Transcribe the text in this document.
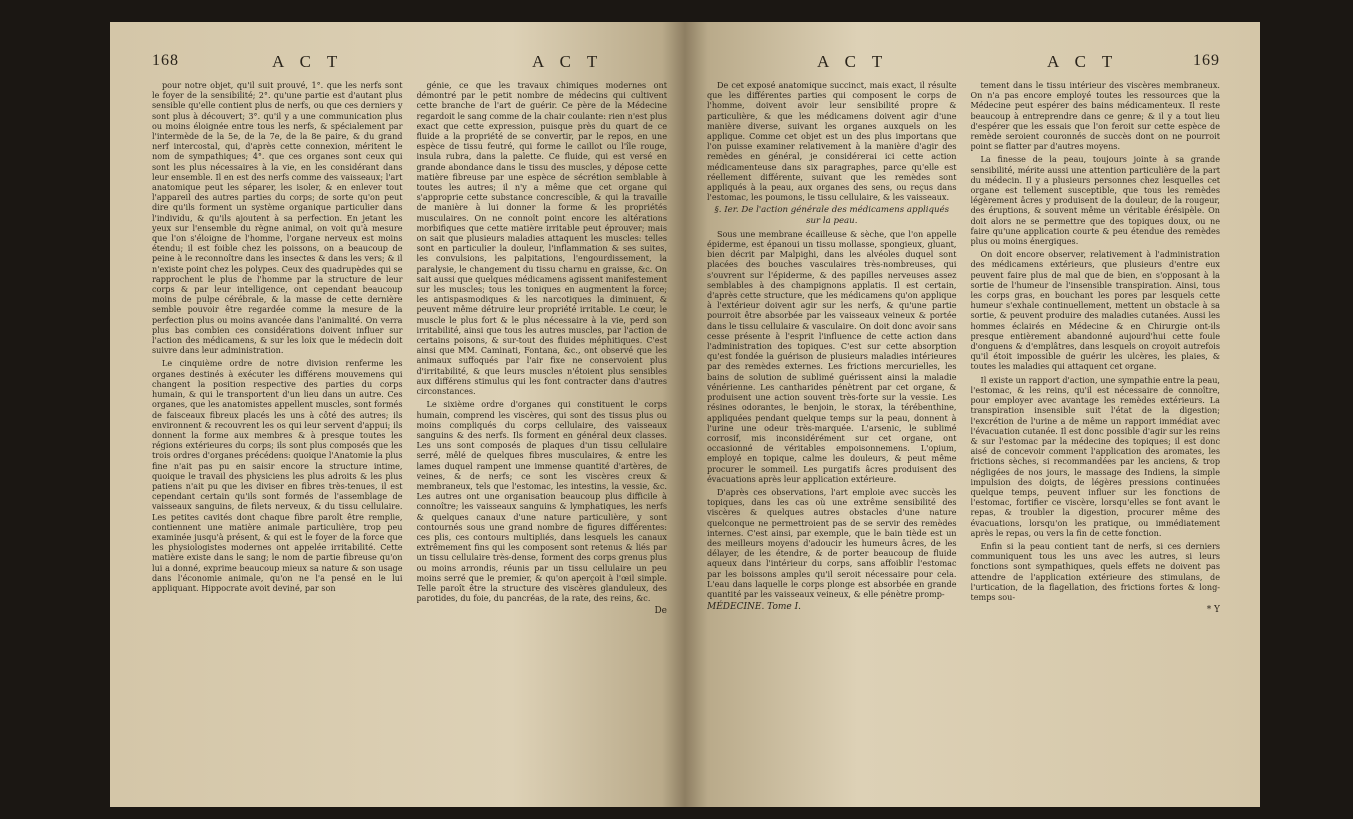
168	A C T	A C T

pour notre objet, qu'il suit prouvé, 1°. que les nerfs sont le foyer de la sensibilité; 2°. qu'une partie est d'autant plus sensible qu'elle contient plus de nerfs, ou que ces derniers y sont plus à découvert; 3°. qu'il y a une communication plus ou moins éloignée entre tous les nerfs, & spécialement par l'intermède de la 5e, de la 7e, de la 8e paire, & du grand nerf intercostal, qui, d'après cette connexion, méritent le nom de sympathiques; 4°. que ces organes sont ceux qui sont les plus nécessaires à la vie, en les considérant dans leur ensemble. Il en est des nerfs comme des vaisseaux; l'art anatomique peut les séparer, les isoler, & en enlever tout l'appareil des autres parties du corps; de sorte qu'on peut dire qu'ils forment un système organique particulier dans l'individu, & qu'ils ajoutent à sa perfection. En jetant les yeux sur l'ensemble du règne animal, on voit qu'à mesure que l'on s'éloigne de l'homme, l'organe nerveux est moins étendu; il est foible chez les poissons, on a beaucoup de peine à le reconnoître dans les insectes & dans les vers; & il n'existe point chez les polypes. Ceux des quadrupèdes qui se rapprochent le plus de l'homme par la structure de leur corps & par leur intelligence, ont cependant beaucoup moins de pulpe cérébrale, & la masse de cette dernière semble pouvoir être regardée comme la mesure de la perfection plus ou moins avancée dans l'animalité. On verra plus bas combien ces considérations doivent influer sur l'action des médicamens, & sur les loix que le médecin doit suivre dans leur administration.

Le cinquième ordre de notre division renferme les organes destinés à exécuter les différens mouvemens qui changent la position respective des parties du corps humain, & qui le transportent d'un lieu dans un autre. Ces organes, que les anatomistes appellent muscles, sont formés de faisceaux fibreux placés les uns à côté des autres; ils environnent & recouvrent les os qui leur servent d'appui; ils donnent la forme aux membres & à presque toutes les régions extérieures du corps; ils sont plus composés que les trois ordres d'organes précédens: quoique l'Anatomie la plus fine n'ait pas pu en saisir encore la structure intime, quoique le travail des physiciens les plus adroits & les plus patiens n'ait pu que les diviser en fibres très-tenues, il est cependant certain qu'ils sont formés de l'assemblage de vaisseaux sanguins, de filets nerveux, & du tissu cellulaire. Les petites cavités dont chaque fibre paroît être remplie, contiennent une matière animale particulière, trop peu examinée jusqu'à présent, & qui est le foyer de la force que les physiologistes modernes ont appelée irritabilité. Cette matière existe dans le sang; le nom de partie fibreuse qu'on lui a donné, exprime beaucoup mieux sa nature & son usage dans l'économie animale, qu'on ne l'a pensé en le lui appliquant. Hippocrate avoit deviné, par son

génie, ce que les travaux chimiques modernes ont démontré par le petit nombre de médecins qui cultivent cette branche de l'art de guérir. Ce père de la Médecine regardoit le sang comme de la chair coulante: rien n'est plus exact que cette expression, puisque près du quart de ce fluide a la propriété de se convertir, par le repos, en une espèce de tissu feutré, qui forme le caillot ou l'île rouge, insula rubra, dans la palette. Ce fluide, qui est versé en grande abondance dans le tissu des muscles, y dépose cette matière fibreuse par une espèce de sécrétion semblable à toutes les autres; il n'y a même que cet organe qui s'approprie cette substance concrescible, & qui la travaille de manière à lui donner la forme & les propriétés musculaires. On ne connoît point encore les altérations morbifiques que cette matière irritable peut éprouver; mais on sait que plusieurs maladies attaquent les muscles: telles sont en particulier la douleur, l'inflammation & ses suites, les convulsions, les palpitations, l'engourdissement, la paralysie, le changement du tissu charnu en graisse, &c. On sait aussi que quelques médicamens agissent manifestement sur les muscles; tous les toniques en augmentent la force; les antispasmodiques & les narcotiques la diminuent, & peuvent même détruire leur propriété irritable. Le cœur, le muscle le plus fort & le plus nécessaire à la vie, perd son irritabilité, ainsi que tous les autres muscles, par l'action de certains poisons, & sur-tout des fluides méphitiques. C'est ainsi que MM. Caminati, Fontana, &c., ont observé que les animaux suffoqués par l'air fixe ne conservoient plus d'irritabilité, & que leurs muscles n'étoient plus sensibles aux différens stimulus qui les font contracter dans d'autres circonstances.

Le sixième ordre d'organes qui constituent le corps humain, comprend les viscères, qui sont des tissus plus ou moins compliqués du corps cellulaire, des vaisseaux sanguins & des nerfs. Ils forment en général deux classes. Les uns sont composés de plaques d'un tissu cellulaire serré, mêlé de quelques fibres musculaires, & entre les lames duquel rampent une immense quantité d'artères, de veines, & de nerfs; ce sont les viscères creux & membraneux, tels que l'estomac, les intestins, la vessie, &c. Les autres ont une organisation beaucoup plus difficile à connoître; les vaisseaux sanguins & lymphatiques, les nerfs & quelques canaux d'une nature particulière, y sont contournés sous une grand nombre de figures différentes: ces plis, ces contours multipliés, dans lesquels les canaux extrêmement fins qui les composent sont retenus & liés par un tissu cellulaire très-dense, forment des corps grenus plus ou moins arrondis, réunis par un tissu cellulaire un peu moins serré que le premier, & qu'on aperçoit à l'œil simple. Telle paroît être la structure des viscères glanduleux, des parotides, du foie, du pancréas, de la rate, des reins, &c.

De
A C T	A C T	169

De cet exposé anatomique succinct, mais exact, il résulte que les différentes parties qui composent le corps de l'homme, doivent avoir leur sensibilité propre & particulière, & que les médicamens doivent agir d'une manière diverse, suivant les organes auxquels on les applique. Comme cet objet est un des plus importans que l'on puisse examiner relativement à la manière d'agir des remèdes en général, je considérerai ici cette action médicamenteuse dans six paragraphes, parce qu'elle est réellement différente, suivant que les remèdes sont appliqués à la peau, aux organes des sens, ou reçus dans l'estomac, les poumons, le tissu cellulaire, & les vaisseaux.

§. Ier. De l'action générale des médicamens appliqués sur la peau.

Sous une membrane écailleuse & sèche, que l'on appelle épiderme, est épanoui un tissu mollasse, spongieux, gluant, bien décrit par Malpighi, dans les alvéoles duquel sont placées des bouches vasculaires très-nombreuses, qui s'ouvrent sur l'épiderme, & des papilles nerveuses assez semblables à des champignons applatis. Il est certain, d'après cette structure, que les médicamens qu'on applique à l'extérieur doivent agir sur les nerfs, & qu'une partie pourroit être absorbée par les vaisseaux veineux & portée dans le tissu cellulaire & vasculaire. On doit donc avoir sans cesse présente à l'esprit l'influence de cette action dans l'administration des topiques. C'est sur cette absorption qu'est fondée la guérison de plusieurs maladies intérieures par des remèdes externes. Les frictions mercurielles, les bains de solution de sublimé guérissent ainsi la maladie vénérienne. Les cantharides pénètrent par cet organe, & produisent une action souvent très-forte sur la vessie. Les résines odorantes, le benjoin, le storax, la térébenthine, appliquées pendant quelque temps sur la peau, donnent à l'urine une odeur très-marquée. L'arsenic, le sublimé corrosif, mis inconsidérément sur cet organe, ont occasionné de véritables empoisonnemens. L'opium, employé en topique, calme les douleurs, & peut même procurer le sommeil. Les purgatifs âcres produisent des évacuations après leur application extérieure.

D'après ces observations, l'art emploie avec succès les topiques, dans les cas où une extrême sensibilité des viscères & quelques autres obstacles d'une nature quelconque ne permettroient pas de se servir des remèdes internes. C'est ainsi, par exemple, que le bain tiède est un des meilleurs moyens d'adoucir les humeurs âcres, de les délayer, de les étendre, & de porter beaucoup de fluide aqueux dans l'intérieur du corps, sans affoiblir l'estomac par les boissons amples qu'il seroit nécessaire pour cela. L'eau dans laquelle le corps plonge est absorbée en grande quantité par les vaisseaux veineux, & elle pénètre promp-

MÉDECINE. Tome I.

tement dans le tissu intérieur des viscères membraneux. On n'a pas encore employé toutes les ressources que la Médecine peut espérer des bains médicamenteux. Il reste beaucoup à entreprendre dans ce genre; & il y a tout lieu d'espérer que les essais que l'on feroit sur cette espèce de remède seroient couronnés de succès dont on ne pourroit point se flatter par d'autres moyens.

La finesse de la peau, toujours jointe à sa grande sensibilité, mérite aussi une attention particulière de la part du médecin. Il y a plusieurs personnes chez lesquelles cet organe est tellement susceptible, que tous les remèdes légèrement âcres y produisent de la douleur, de la rougeur, des éruptions, & souvent même un véritable érésipèle. On doit alors ne se permettre que des topiques doux, ou ne faire qu'une application courte & peu étendue des remèdes plus ou moins énergiques.

On doit encore observer, relativement à l'administration des médicamens extérieurs, que plusieurs d'entre eux peuvent faire plus de mal que de bien, en s'opposant à la sortie de l'humeur de l'insensible transpiration. Ainsi, tous les corps gras, en bouchant les pores par lesquels cette humeur s'exhale continuellement, mettent un obstacle à sa sortie, & peuvent produire des maladies cutanées. Aussi les hommes éclairés en Médecine & en Chirurgie ont-ils presque entièrement abandonné aujourd'hui cette foule d'onguens & d'emplâtres, dans lesquels on croyoit autrefois qu'il étoit impossible de guérir les ulcères, les plaies, & toutes les maladies qui attaquent cet organe.

Il existe un rapport d'action, une sympathie entre la peau, l'estomac, & les reins, qu'il est nécessaire de connoître, pour employer avec avantage les remèdes extérieurs. La transpiration insensible suit l'état de la digestion; l'excrétion de l'urine a de même un rapport immédiat avec l'évacuation cutanée. Il est donc possible d'agir sur les reins & sur l'estomac par la médecine des topiques; il est donc aisé de concevoir comment l'application des aromates, les frictions sèches, si recommandées par les anciens, & trop négligées de nos jours, le massage des Indiens, la simple impulsion des doigts, de légères pressions continuées quelque temps, peuvent influer sur les fonctions de l'estomac, fortifier ce viscère, lorsqu'elles se font avant le repas, & troubler la digestion, procurer même des évacuations, lorsqu'on les pratique, ou immédiatement après le repas, ou vers la fin de cette fonction.

Enfin si la peau contient tant de nerfs, si ces derniers communiquent tous les uns avec les autres, si leurs fonctions sont sympathiques, quels effets ne doivent pas attendre de l'application extérieure des stimulans, de l'urtication, de la flagellation, des frictions fortes & long-temps sou-

* Y
